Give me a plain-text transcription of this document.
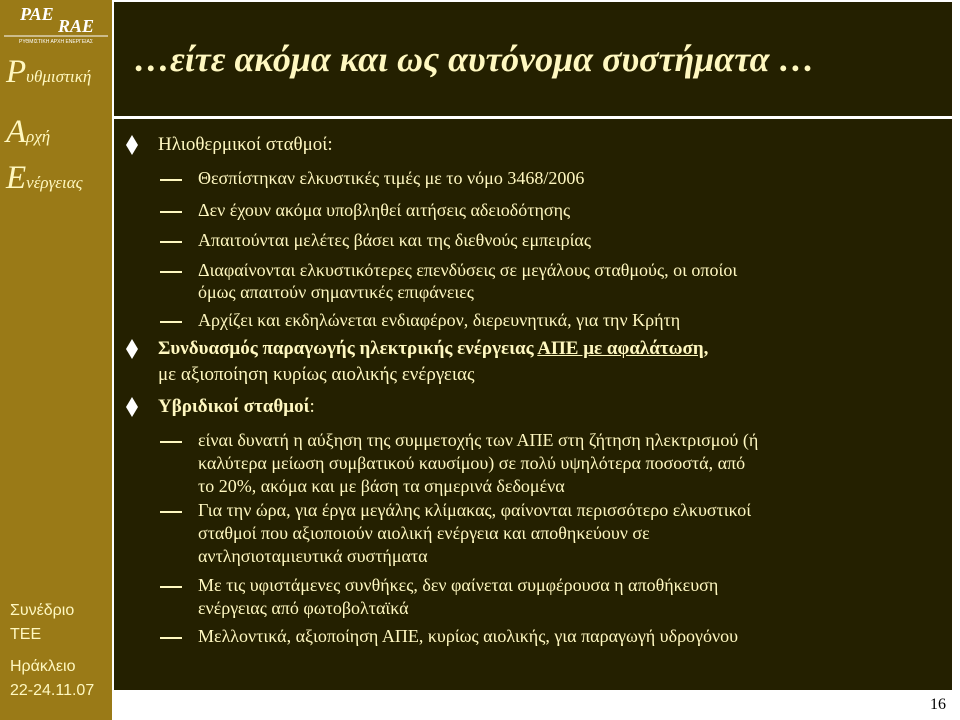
PAE
RAE
ΡΥΘΜΙΣΤΙΚΗ ΑΡΧΗ ΕΝΕΡΓΕΙΑΣ
Pυθμιστική
Aρχή
Eνέργειας
Συνέδριο
ΤΕΕ
Ηράκλειο
22-24.11.07
…είτε ακόμα και ως αυτόνομα συστήματα …
Ηλιοθερμικοί σταθμοί:
Θεσπίστηκαν ελκυστικές τιμές με το νόμο 3468/2006
Δεν έχουν ακόμα υποβληθεί αιτήσεις αδειοδότησης
Απαιτούνται μελέτες βάσει και της διεθνούς εμπειρίας
Διαφαίνονται ελκυστικότερες επενδύσεις σε μεγάλους σταθμούς, οι οποίοι
όμως απαιτούν σημαντικές επιφάνειες
Αρχίζει και εκδηλώνεται ενδιαφέρον, διερευνητικά, για την Κρήτη
Συνδυασμός παραγωγής ηλεκτρικής ενέργειας ΑΠΕ με αφαλάτωση,
με αξιοποίηση κυρίως αιολικής ενέργειας
Υβριδικοί σταθμοί:
είναι δυνατή η αύξηση της συμμετοχής των ΑΠΕ στη ζήτηση ηλεκτρισμού (ή
καλύτερα μείωση συμβατικού καυσίμου) σε πολύ υψηλότερα ποσοστά, από
το 20%, ακόμα και με βάση τα σημερινά δεδομένα
Για την ώρα, για έργα μεγάλης κλίμακας, φαίνονται περισσότερο ελκυστικοί
σταθμοί που αξιοποιούν αιολική ενέργεια και αποθηκεύουν σε
αντλησιοταμιευτικά συστήματα
Με τις υφιστάμενες συνθήκες, δεν φαίνεται συμφέρουσα η αποθήκευση
ενέργειας από φωτοβολταϊκά
Μελλοντικά, αξιοποίηση ΑΠΕ, κυρίως αιολικής, για παραγωγή υδρογόνου
16
